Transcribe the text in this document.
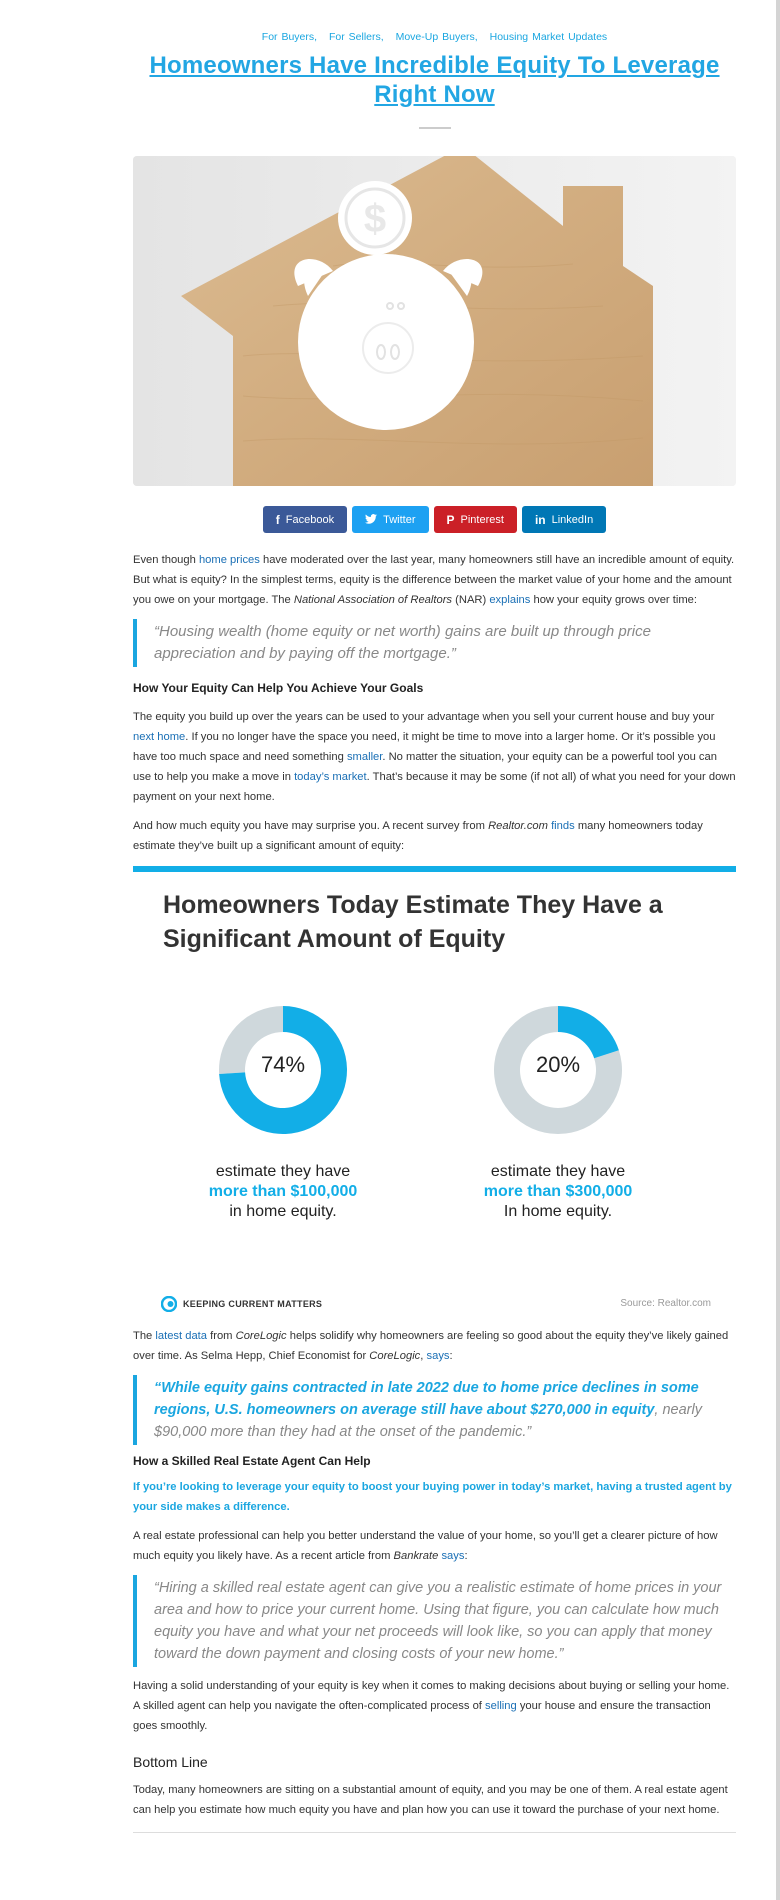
For Buyers, For Sellers, Move-Up Buyers, Housing Market Updates
Homeowners Have Incredible Equity To Leverage Right Now
$
f Facebook	Twitter	P Pinterest	in LinkedIn

Even though home prices have moderated over the last year, many homeowners still have an incredible amount of equity. But what is equity? In the simplest terms, equity is the difference between the market value of your home and the amount you owe on your mortgage. The National Association of Realtors (NAR) explains how your equity grows over time:

“Housing wealth (home equity or net worth) gains are built up through price appreciation and by paying off the mortgage.”
How Your Equity Can Help You Achieve Your Goals

The equity you build up over the years can be used to your advantage when you sell your current house and buy your next home. If you no longer have the space you need, it might be time to move into a larger home. Or it’s possible you have too much space and need something smaller. No matter the situation, your equity can be a powerful tool you can use to help you make a move in today’s market. That’s because it may be some (if not all) of what you need for your down payment on your next home.

And how much equity you have may surprise you. A recent survey from Realtor.com finds many homeowners today estimate they’ve built up a significant amount of equity:

Homeowners Today Estimate They Have a Significant Amount of Equity
74%
estimate they have
more than $100,000
in home equity.
20%
estimate they have
more than $300,000
In home equity.
KEEPING CURRENT MATTERS	Source: Realtor.com

The latest data from CoreLogic helps solidify why homeowners are feeling so good about the equity they’ve likely gained over time. As Selma Hepp, Chief Economist for CoreLogic, says:

“While equity gains contracted in late 2022 due to home price declines in some regions, U.S. homeowners on average still have about $270,000 in equity, nearly $90,000 more than they had at the onset of the pandemic.”
How a Skilled Real Estate Agent Can Help
If you’re looking to leverage your equity to boost your buying power in today’s market, having a trusted agent by your side makes a difference.

A real estate professional can help you better understand the value of your home, so you’ll get a clearer picture of how much equity you likely have. As a recent article from Bankrate says:

“Hiring a skilled real estate agent can give you a realistic estimate of home prices in your area and how to price your current home. Using that figure, you can calculate how much equity you have and what your net proceeds will look like, so you can apply that money toward the down payment and closing costs of your new home.”

Having a solid understanding of your equity is key when it comes to making decisions about buying or selling your home. A skilled agent can help you navigate the often-complicated process of selling your house and ensure the transaction goes smoothly.

Bottom Line

Today, many homeowners are sitting on a substantial amount of equity, and you may be one of them. A real estate agent can help you estimate how much equity you have and plan how you can use it toward the purchase of your next home.
